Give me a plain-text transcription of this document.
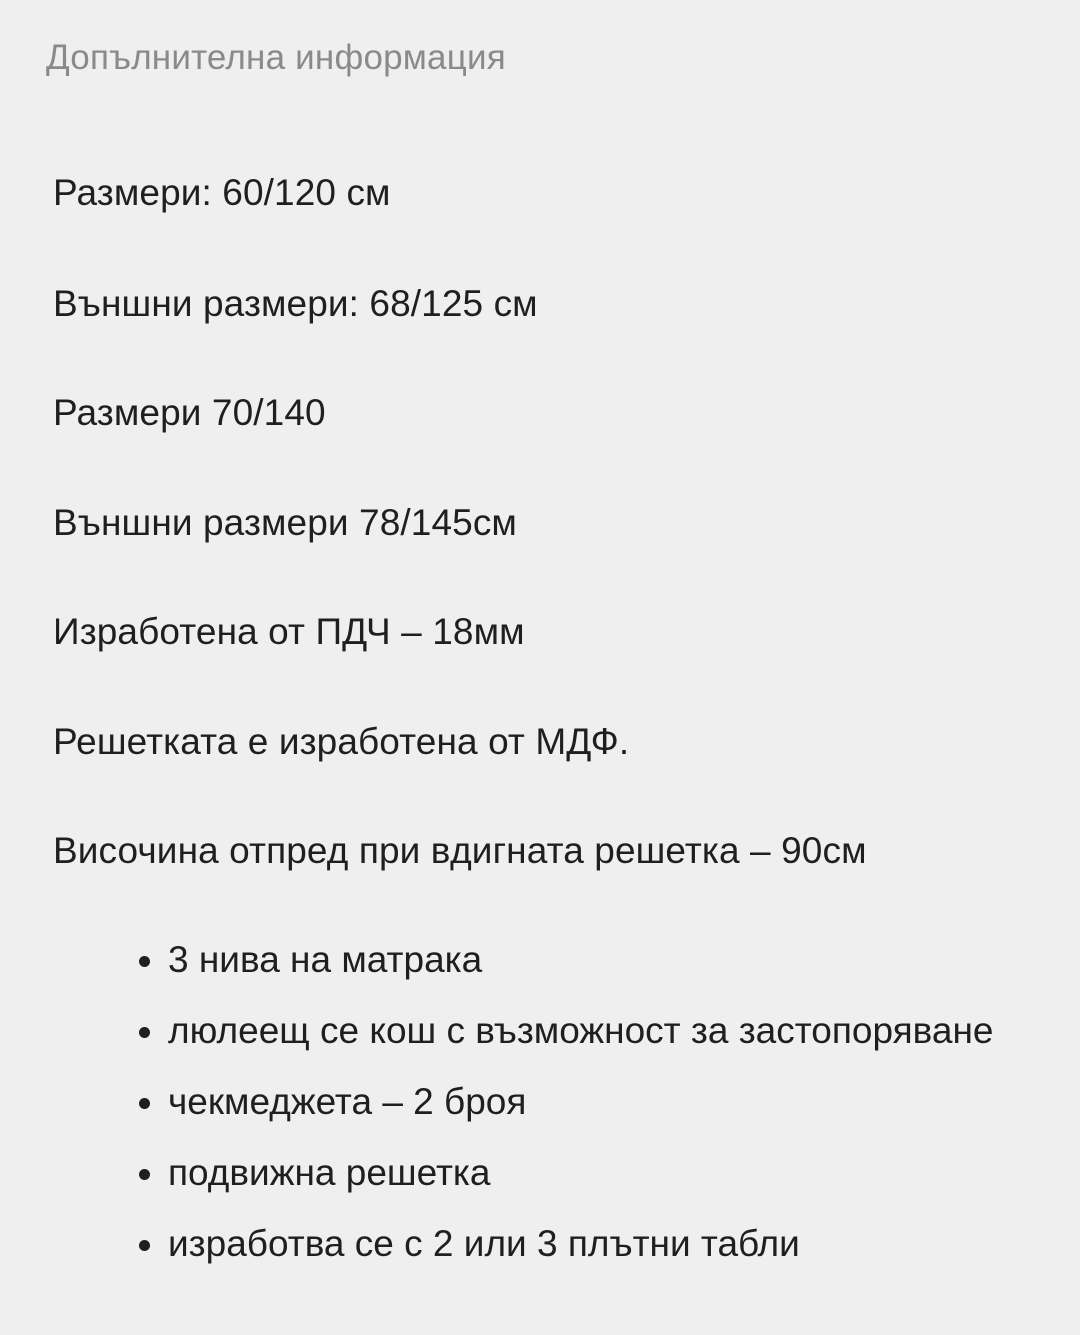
Допълнителна информация
Размери: 60/120 см
Външни размери: 68/125 см
Размери 70/140
Външни размери 78/145см
Изработена от ПДЧ – 18мм
Решетката е изработена от МДФ.
Височина отпред при вдигната решетка – 90см
3 нива на матрака
люлеещ се кош с възможност за застопоряване
чекмеджета – 2 броя
подвижна решетка
изработва се с 2 или 3 плътни табли
